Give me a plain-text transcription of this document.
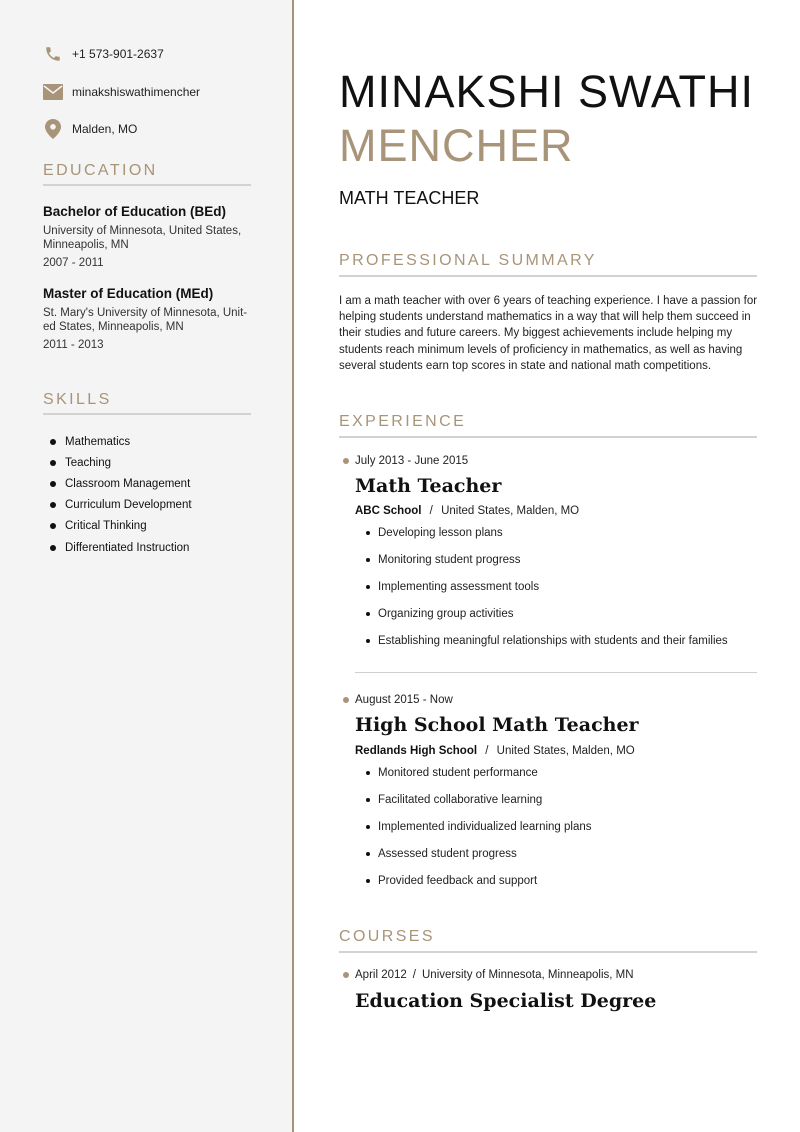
+1 573-901-2637
minakshiswathimencher
Malden, MO
EDUCATION
Bachelor of Education (BEd)
University of Minnesota, United States, Minneapolis, MN
2007 - 2011
Master of Education (MEd)
St. Mary's University of Minnesota, Unit- ed States, Minneapolis, MN
2011 - 2013
SKILLS
Mathematics
Teaching
Classroom Management
Curriculum Development
Critical Thinking
Differentiated Instruction
MINAKSHI SWATHI
MENCHER
MATH TEACHER
PROFESSIONAL SUMMARY

I am a math teacher with over 6 years of teaching experience. I have a passion for helping students understand mathematics in a way that will help them succeed in their studies and future careers. My biggest achievements include helping my students reach minimum levels of proficiency in mathematics, as well as having several students earn top scores in state and national math competitions.

EXPERIENCE
July 2013 - June 2015
Math Teacher
ABC School / United States, Malden, MO
Developing lesson plans
Monitoring student progress
Implementing assessment tools
Organizing group activities
Establishing meaningful relationships with students and their families
August 2015 - Now
High School Math Teacher
Redlands High School / United States, Malden, MO
Monitored student performance
Facilitated collaborative learning
Implemented individualized learning plans
Assessed student progress
Provided feedback and support
COURSES
April 2012 / University of Minnesota, Minneapolis, MN
Education Specialist Degree
